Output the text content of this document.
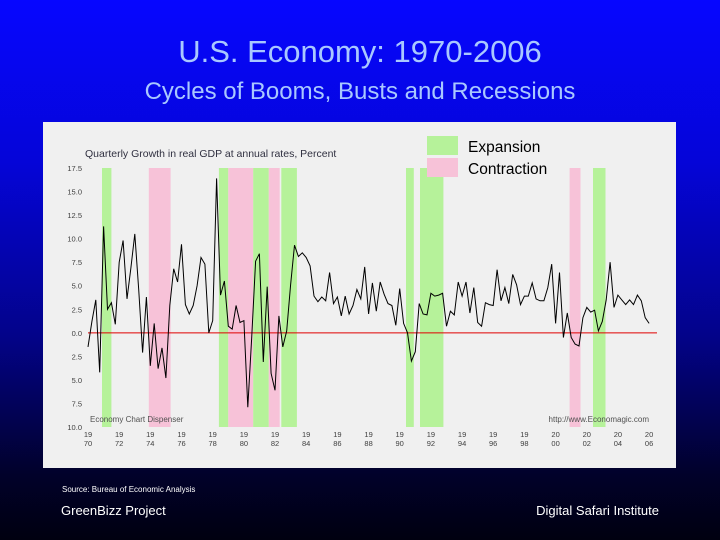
U.S. Economy: 1970-2006
Cycles of Booms, Busts and Recessions
17.5
15.0
12.5
10.0
7.5
5.0
2.5
0.0
2.5
5.0
7.5
10.0
19 70
19 72
19 74
19 76
19 78
19 80
19 82
19 84
19 86
19 88
19 90
19 92
19 94
19 96
19 98
20 00
20 02
20 04
20 06
Quarterly Growth in real GDP at annual rates, Percent
Economy Chart Dispenser	http://www.Economagic.com
Expansion
Contraction
Source: Bureau of Economic Analysis
GreenBizz Project	Digital Safari Institute
